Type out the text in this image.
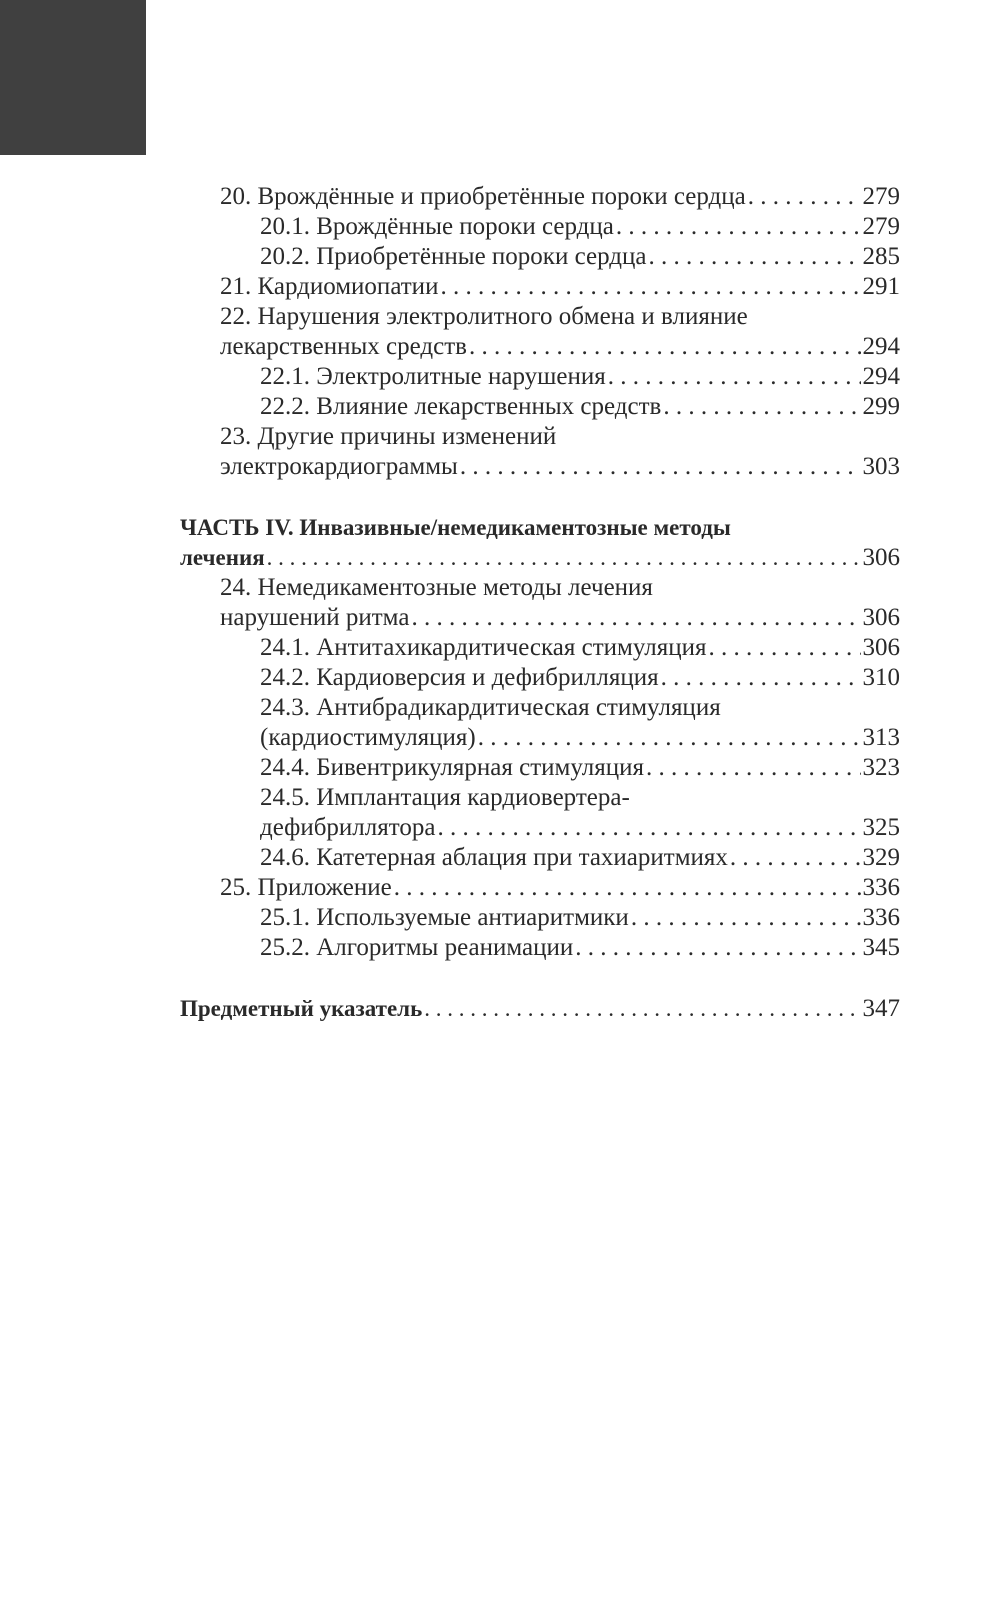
20. Врождённые и приобретённые пороки сердца . . .	279
20.1. Врождённые пороки сердца . . .	279
20.2. Приобретённые пороки сердца . . .	285
21. Кардиомиопатии . . .	291
22. Нарушения электролитного обмена и влияние
лекарственных средств . . .	294
22.1. Электролитные нарушения . . .	294
22.2. Влияние лекарственных средств . . .	299
23. Другие причины изменений
электрокардиограммы . . .	303
ЧАСТЬ IV. Инвазивные/немедикаментозные методы
лечения . . .	306
24. Немедикаментозные методы лечения
нарушений ритма . . .	306
24.1. Антитахикардитическая стимуляция . . .	306
24.2. Кардиоверсия и дефибрилляция . . .	310
24.3. Антибрадикардитическая стимуляция
(кардиостимуляция) . . .	313
24.4. Бивентрикулярная стимуляция . . .	323
24.5. Имплантация кардиовертера-
дефибриллятора . . .	325
24.6. Катетерная аблация при тахиаритмиях . . .	329
25. Приложение . . .	336
25.1. Используемые антиаритмики . . .	336
25.2. Алгоритмы реанимации . . .	345
Предметный указатель . . .	347
